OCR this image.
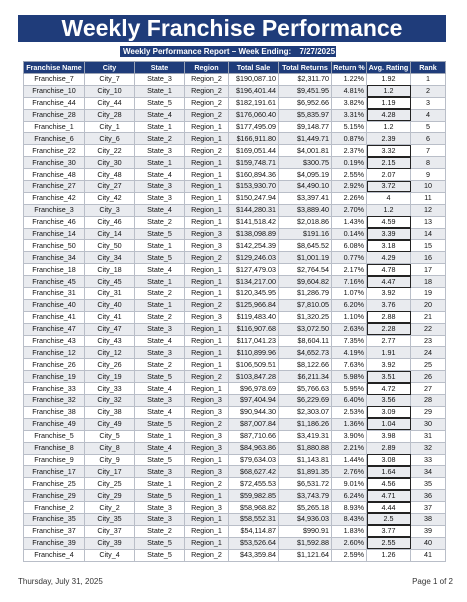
Weekly Franchise Performance
Weekly Performance Report – Week Ending: 7/27/2025
Franchise Name	City	State	Region	Total Sale	Total Returns	Return %	Avg. Rating	Rank
Franchise_7	City_7	State_3	Region_2	$190,087.10	$2,311.70	1.22%	1.92	1
Franchise_10	City_10	State_1	Region_2	$196,401.44	$9,451.95	4.81%	1.2	2
Franchise_44	City_44	State_5	Region_2	$182,191.61	$6,952.66	3.82%	1.19	3
Franchise_28	City_28	State_4	Region_2	$176,060.40	$5,835.97	3.31%	4.28	4
Franchise_1	City_1	State_1	Region_1	$177,495.09	$9,148.77	5.15%	1.2	5
Franchise_6	City_6	State_2	Region_1	$166,911.80	$1,449.71	0.87%	2.39	6
Franchise_22	City_22	State_3	Region_2	$169,051.44	$4,001.81	2.37%	3.32	7
Franchise_30	City_30	State_1	Region_1	$159,748.71	$300.75	0.19%	2.15	8
Franchise_48	City_48	State_4	Region_1	$160,894.36	$4,095.19	2.55%	2.07	9
Franchise_27	City_27	State_3	Region_1	$153,930.70	$4,490.10	2.92%	3.72	10
Franchise_42	City_42	State_3	Region_1	$150,247.94	$3,397.41	2.26%	4	11
Franchise_3	City_3	State_4	Region_1	$144,280.31	$3,889.40	2.70%	1.2	12
Franchise_46	City_46	State_2	Region_1	$141,518.42	$2,018.86	1.43%	4.59	13
Franchise_14	City_14	State_5	Region_3	$138,098.89	$191.16	0.14%	3.39	14
Franchise_50	City_50	State_1	Region_3	$142,254.39	$8,645.52	6.08%	3.18	15
Franchise_34	City_34	State_5	Region_2	$129,246.03	$1,001.19	0.77%	4.29	16
Franchise_18	City_18	State_4	Region_1	$127,479.03	$2,764.54	2.17%	4.78	17
Franchise_45	City_45	State_1	Region_1	$134,217.00	$9,604.82	7.16%	4.47	18
Franchise_31	City_31	State_2	Region_1	$120,345.95	$1,286.79	1.07%	3.92	19
Franchise_40	City_40	State_1	Region_2	$125,966.84	$7,810.05	6.20%	3.76	20
Franchise_41	City_41	State_2	Region_3	$119,483.40	$1,320.25	1.10%	2.88	21
Franchise_47	City_47	State_3	Region_1	$116,907.68	$3,072.50	2.63%	2.28	22
Franchise_43	City_43	State_4	Region_1	$117,041.23	$8,604.11	7.35%	2.77	23
Franchise_12	City_12	State_3	Region_1	$110,899.96	$4,652.73	4.19%	1.91	24
Franchise_26	City_26	State_2	Region_1	$106,509.51	$8,122.66	7.63%	3.92	25
Franchise_19	City_19	State_5	Region_2	$103,847.28	$6,211.34	5.98%	3.51	26
Franchise_33	City_33	State_4	Region_1	$96,978.69	$5,766.63	5.95%	4.72	27
Franchise_32	City_32	State_3	Region_3	$97,404.94	$6,229.69	6.40%	3.56	28
Franchise_38	City_38	State_4	Region_3	$90,944.30	$2,303.07	2.53%	3.09	29
Franchise_49	City_49	State_5	Region_2	$87,007.84	$1,186.26	1.36%	1.04	30
Franchise_5	City_5	State_1	Region_3	$87,710.66	$3,419.31	3.90%	3.98	31
Franchise_8	City_8	State_4	Region_3	$84,963.86	$1,880.88	2.21%	2.89	32
Franchise_9	City_9	State_5	Region_1	$79,634.03	$1,143.81	1.44%	3.08	33
Franchise_17	City_17	State_3	Region_3	$68,627.42	$1,891.35	2.76%	1.64	34
Franchise_25	City_25	State_1	Region_2	$72,455.53	$6,531.72	9.01%	4.56	35
Franchise_29	City_29	State_5	Region_1	$59,982.85	$3,743.79	6.24%	4.71	36
Franchise_2	City_2	State_3	Region_3	$58,968.82	$5,265.18	8.93%	4.44	37
Franchise_35	City_35	State_3	Region_1	$58,552.31	$4,936.03	8.43%	2.5	38
Franchise_37	City_37	State_2	Region_1	$54,114.87	$990.91	1.83%	3.77	39
Franchise_39	City_39	State_5	Region_1	$53,526.64	$1,592.88	2.60%	2.55	40
Franchise_4	City_4	State_5	Region_2	$43,359.84	$1,121.64	2.59%	1.26	41
Thursday, July 31, 2025	Page 1 of 2
